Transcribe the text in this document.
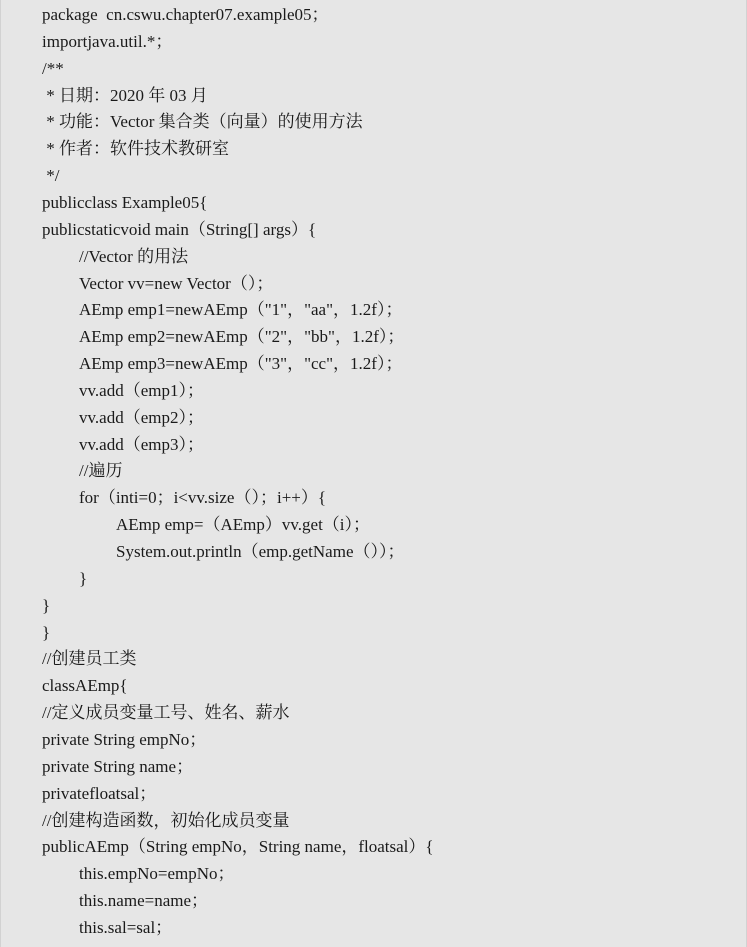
package  cn.cswu.chapter07.example05；
importjava.util.*；
/**
* 日期：2020 年 03 月
* 功能：Vector 集合类（向量）的使用方法
* 作者：软件技术教研室
*/
publicclass Example05{
publicstaticvoid main（String[] args）{
//Vector 的用法
Vector vv=new Vector（）；
AEmp emp1=newAEmp（"1"，"aa"，1.2f）；
AEmp emp2=newAEmp（"2"，"bb"，1.2f）；
AEmp emp3=newAEmp（"3"，"cc"，1.2f）；
vv.add（emp1）；
vv.add（emp2）；
vv.add（emp3）；
//遍历
for（inti=0；i<vv.size（）；i++）{
AEmp emp=（AEmp）vv.get（i）；
System.out.println（emp.getName（））；
}
}
}
//创建员工类
classAEmp{
//定义成员变量工号、姓名、薪水
private String empNo；
private String name；
privatefloatsal；
//创建构造函数，初始化成员变量
publicAEmp（String empNo，String name，floatsal）{
this.empNo=empNo；
this.name=name；
this.sal=sal；
